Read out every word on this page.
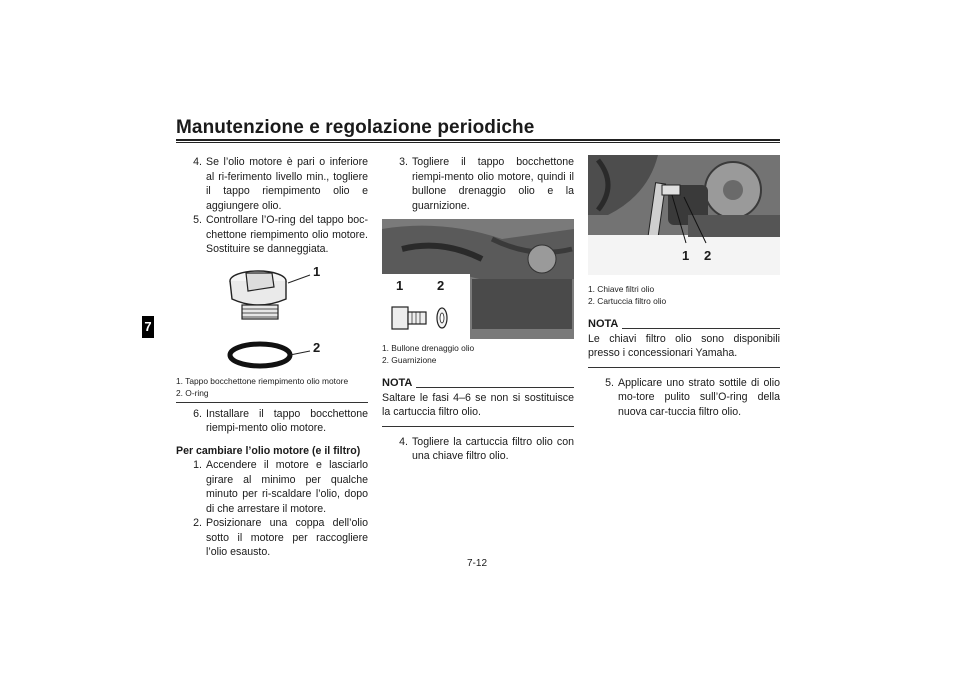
Manutenzione e regolazione periodiche
7
4. Se l’olio motore è pari o inferiore al ri-ferimento livello min., togliere il tappo riempimento olio e aggiungere olio.
5. Controllare l’O-ring del tappo boc-chettone riempimento olio motore. Sostituire se danneggiata.
1
2
1. Tappo bocchettone riempimento olio motore
2. O-ring
6. Installare il tappo bocchettone riempi-mento olio motore.
Per cambiare l’olio motore (e il filtro)
1. Accendere il motore e lasciarlo girare al minimo per qualche minuto per ri-scaldare l’olio, dopo di che arrestare il motore.
2. Posizionare una coppa dell’olio sotto il motore per raccogliere l’olio esausto.
3. Togliere il tappo bocchettone riempi-mento olio motore, quindi il bullone drenaggio olio e la guarnizione.
1	2
1. Bullone drenaggio olio
2. Guarnizione
NOTA
Saltare le fasi 4–6 se non si sostituisce la cartuccia filtro olio.
4. Togliere la cartuccia filtro olio con una chiave filtro olio.
1 2
1. Chiave filtri olio
2. Cartuccia filtro olio
NOTA
Le chiavi filtro olio sono disponibili presso i concessionari Yamaha.
5. Applicare uno strato sottile di olio mo-tore pulito sull’O-ring della nuova car-tuccia filtro olio.
7-12
